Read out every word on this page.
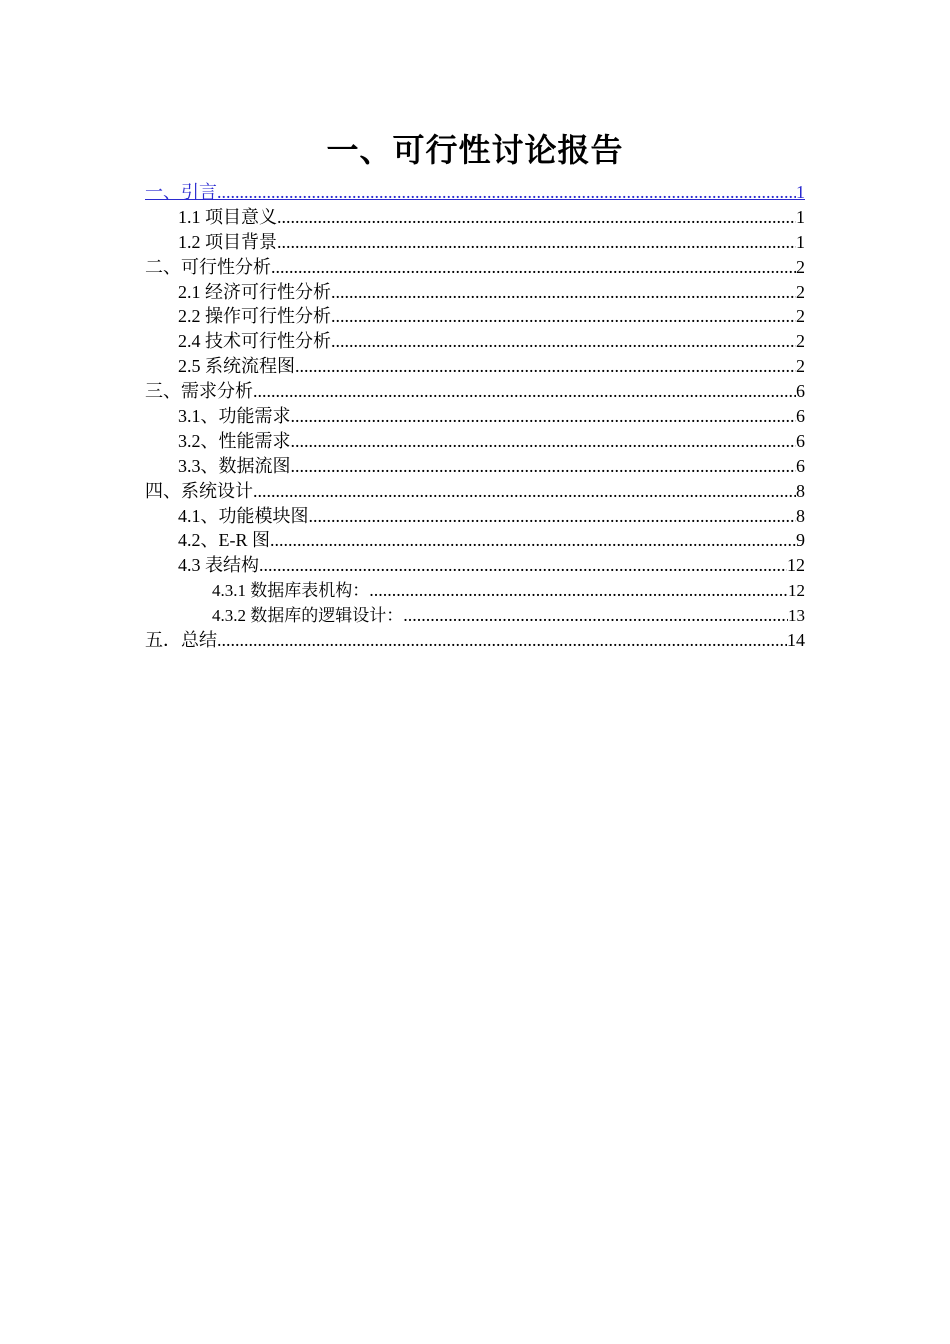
一、可行性讨论报告
一、引言 .....	1
1.1 项目意义 .....	1
1.2 项目背景 .....	1
二、可行性分析 .....	2
2.1 经济可行性分析 .....	2
2.2 操作可行性分析 .....	2
2.4 技术可行性分析 .....	2
2.5 系统流程图 .....	2
三、需求分析 .....	6
3.1、功能需求 .....	6
3.2、性能需求 .....	6
3.3、数据流图 .....	6
四、系统设计 .....	8
4.1、功能模块图 .....	8
4.2、E-R 图 .....	9
4.3 表结构 .....	12
4.3.1 数据库表机构： .....	12
4.3.2 数据库的逻辑设计： .....	13
五．总结 .....	14
